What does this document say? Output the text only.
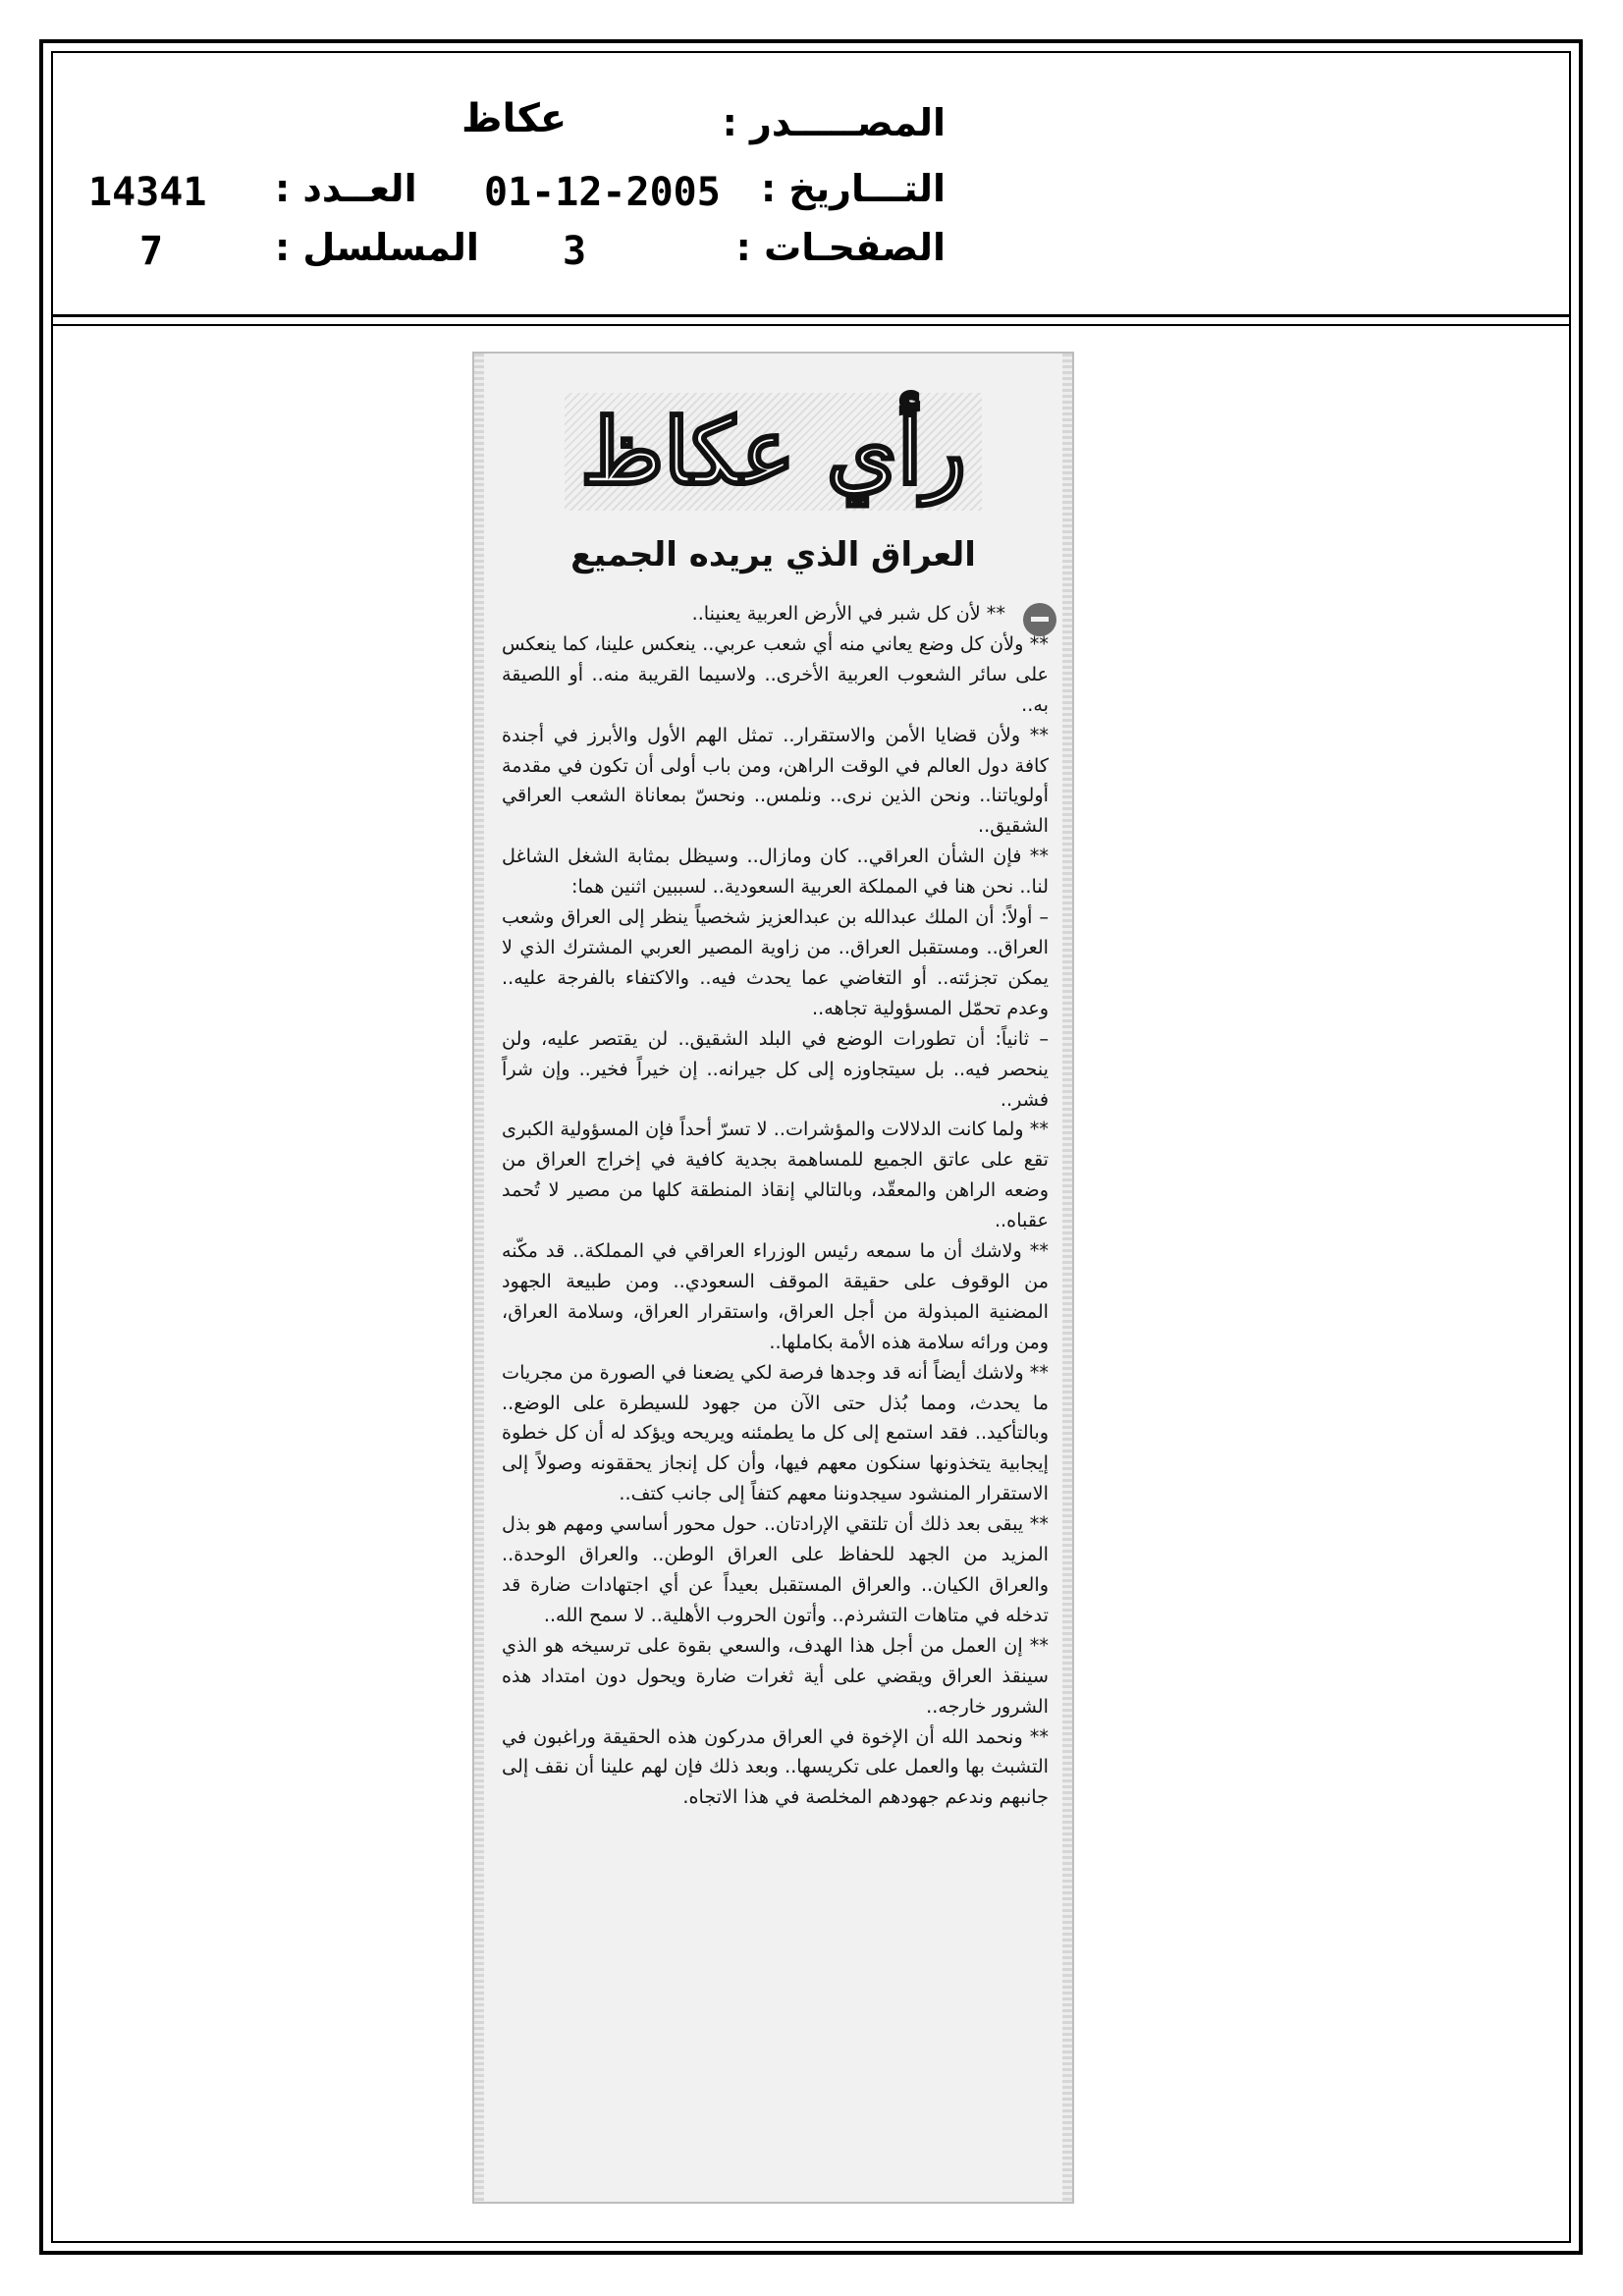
المصـــــدر :
عكاظ
التـــاريخ :
01-12-2005
الصفحـات :
3
العــدد :
14341
المسلسل :
7
رأي عكاظ
العراق الذي يريده الجميع

** لأن كل شبر في الأرض العربية يعنينا..

** ولأن كل وضع يعاني منه أي شعب عربي.. ينعكس علينا، كما ينعكس على سائر الشعوب العربية الأخرى.. ولاسيما القريبة منه.. أو اللصيقة به..

** ولأن قضايا الأمن والاستقرار.. تمثل الهم الأول والأبرز في أجندة كافة دول العالم في الوقت الراهن، ومن باب أولى أن تكون في مقدمة أولوياتنا.. ونحن الذين نرى.. ونلمس.. ونحسّ بمعاناة الشعب العراقي الشقيق..

** فإن الشأن العراقي.. كان ومازال.. وسيظل بمثابة الشغل الشاغل لنا.. نحن هنا في المملكة العربية السعودية.. لسببين اثنين هما:

– أولاً: أن الملك عبدالله بن عبدالعزيز شخصياً ينظر إلى العراق وشعب العراق.. ومستقبل العراق.. من زاوية المصير العربي المشترك الذي لا يمكن تجزئته.. أو التغاضي عما يحدث فيه.. والاكتفاء بالفرجة عليه.. وعدم تحمّل المسؤولية تجاهه..

– ثانياً: أن تطورات الوضع في البلد الشقيق.. لن يقتصر عليه، ولن ينحصر فيه.. بل سيتجاوزه إلى كل جيرانه.. إن خيراً فخير.. وإن شراً فشر..

** ولما كانت الدلالات والمؤشرات.. لا تسرّ أحداً فإن المسؤولية الكبرى تقع على عاتق الجميع للمساهمة بجدية كافية في إخراج العراق من وضعه الراهن والمعقّد، وبالتالي إنقاذ المنطقة كلها من مصير لا تُحمد عقباه..

** ولاشك أن ما سمعه رئيس الوزراء العراقي في المملكة.. قد مكّنه من الوقوف على حقيقة الموقف السعودي.. ومن طبيعة الجهود المضنية المبذولة من أجل العراق، واستقرار العراق، وسلامة العراق، ومن ورائه سلامة هذه الأمة بكاملها..

** ولاشك أيضاً أنه قد وجدها فرصة لكي يضعنا في الصورة من مجريات ما يحدث، ومما بُذل حتى الآن من جهود للسيطرة على الوضع.. وبالتأكيد.. فقد استمع إلى كل ما يطمئنه ويريحه ويؤكد له أن كل خطوة إيجابية يتخذونها سنكون معهم فيها، وأن كل إنجاز يحققونه وصولاً إلى الاستقرار المنشود سيجدوننا معهم كتفاً إلى جانب كتف..

** يبقى بعد ذلك أن تلتقي الإرادتان.. حول محور أساسي ومهم هو بذل المزيد من الجهد للحفاظ على العراق الوطن.. والعراق الوحدة.. والعراق الكيان.. والعراق المستقبل بعيداً عن أي اجتهادات ضارة قد تدخله في متاهات التشرذم.. وأتون الحروب الأهلية.. لا سمح الله..

** إن العمل من أجل هذا الهدف، والسعي بقوة على ترسيخه هو الذي سينقذ العراق ويقضي على أية ثغرات ضارة ويحول دون امتداد هذه الشرور خارجه..

** ونحمد الله أن الإخوة في العراق مدركون هذه الحقيقة وراغبون في التشبث بها والعمل على تكريسها.. وبعد ذلك فإن لهم علينا أن نقف إلى جانبهم وندعم جهودهم المخلصة في هذا الاتجاه.
